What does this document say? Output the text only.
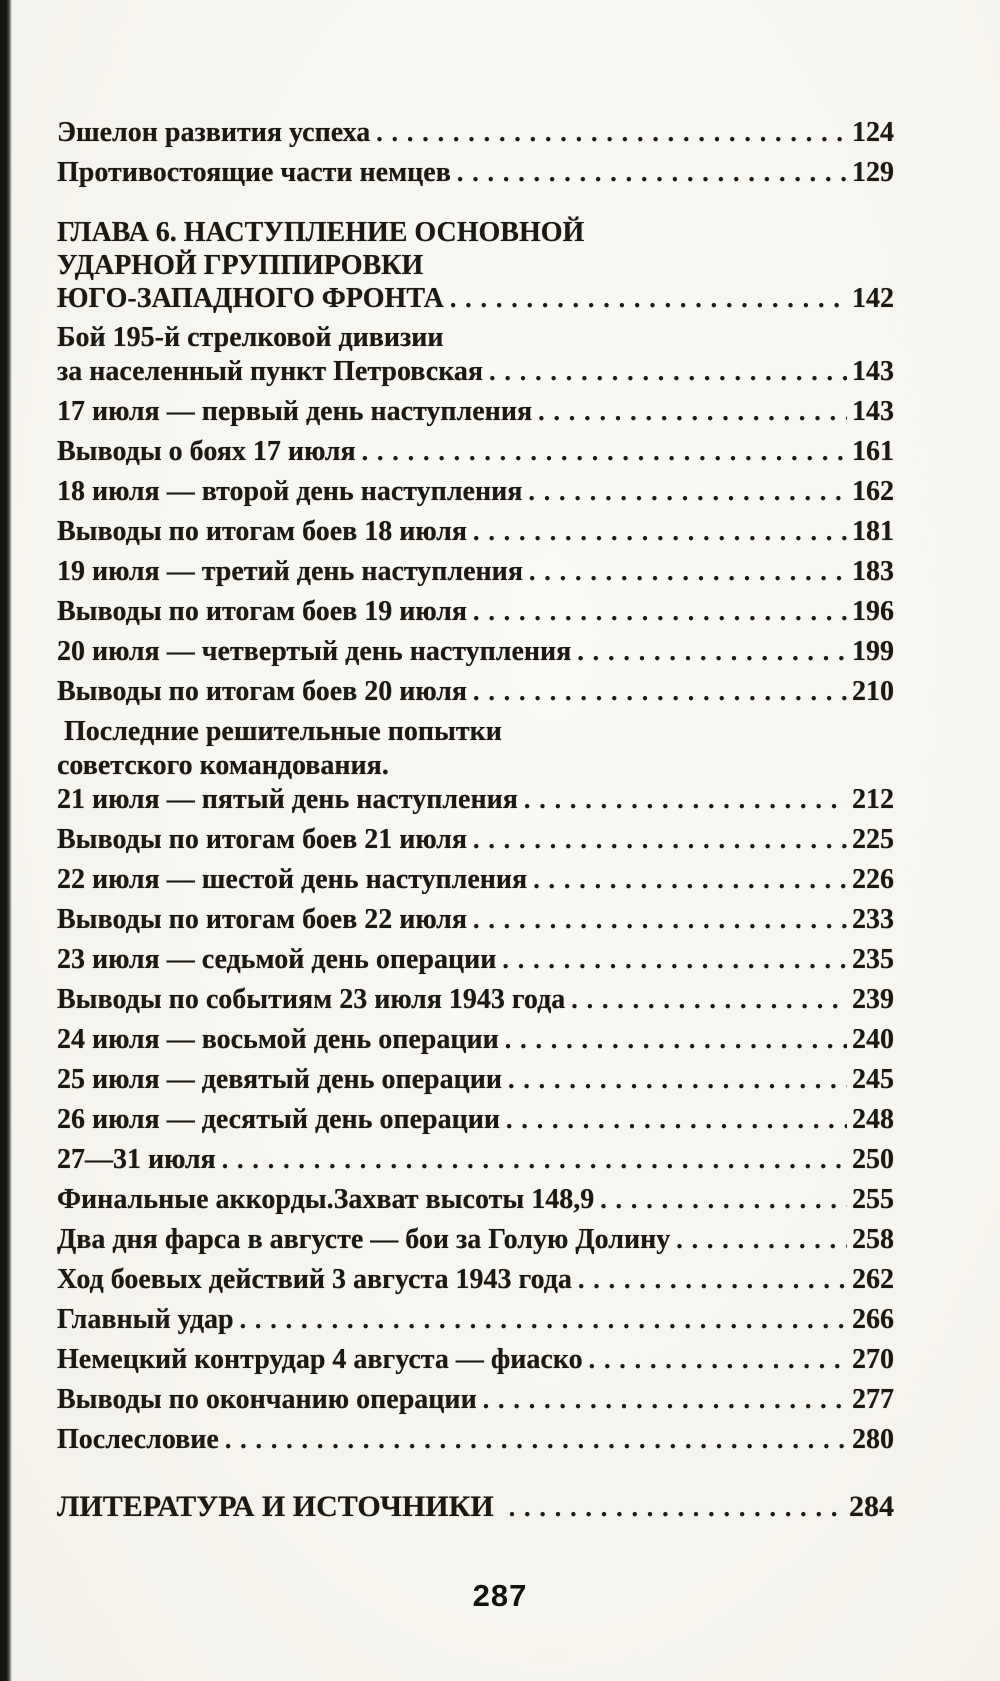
Эшелон развития успеха .....	124
Противостоящие части немцев .....	129
ГЛАВА 6. НАСТУПЛЕНИЕ ОСНОВНОЙ
УДАРНОЙ ГРУППИРОВКИ
ЮГО-ЗАПАДНОГО ФРОНТА .....	142
Бой 195-й стрелковой дивизии
за населенный пункт Петровская .....	143
17 июля — первый день наступления .....	143
Выводы о боях 17 июля .....	161
18 июля — второй день наступления .....	162
Выводы по итогам боев 18 июля .....	181
19 июля — третий день наступления .....	183
Выводы по итогам боев 19 июля .....	196
20 июля — четвертый день наступления .....	199
Выводы по итогам боев 20 июля .....	210
Последние решительные попытки
советского командования.
21 июля — пятый день наступления .....	212
Выводы по итогам боев 21 июля .....	225
22 июля — шестой день наступления .....	226
Выводы по итогам боев 22 июля .....	233
23 июля — седьмой день операции .....	235
Выводы по событиям 23 июля 1943 года .....	239
24 июля — восьмой день операции .....	240
25 июля — девятый день операции .....	245
26 июля — десятый день операции .....	248
27—31 июля .....	250
Финальные аккорды.Захват высоты 148,9 .....	255
Два дня фарса в августе — бои за Голую Долину .....	258
Ход боевых действий 3 августа 1943 года .....	262
Главный удар .....	266
Немецкий контрудар 4 августа — фиаско .....	270
Выводы по окончанию операции .....	277
Послесловие .....	280
ЛИТЕРАТУРА И ИСТОЧНИКИ .....	284
287
